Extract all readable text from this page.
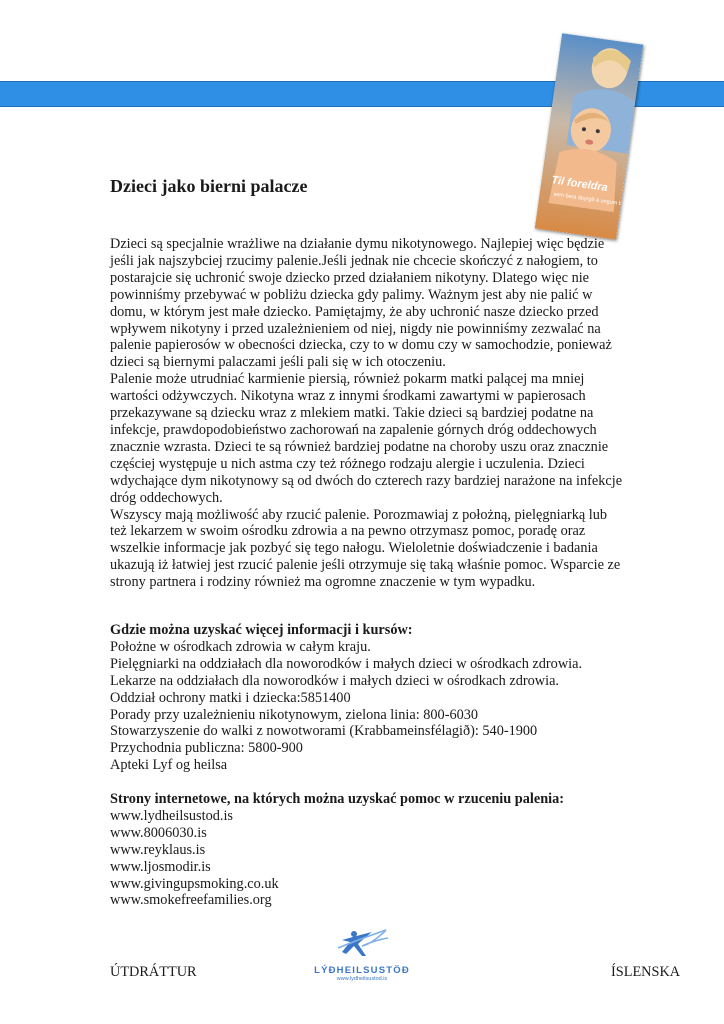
Til foreldra
sem bera ábyrgð á ungum börnum
Dzieci jako bierni palacze

Dzieci są specjalnie wrażliwe na działanie dymu nikotynowego. Najlepiej więc będzie jeśli jak najszybciej rzucimy palenie.Jeśli jednak nie chcecie skończyć z nałogiem, to postarajcie się uchronić swoje dziecko przed działaniem nikotyny. Dlatego więc nie powinniśmy przebywać w pobliżu dziecka gdy palimy. Ważnym jest aby nie palić w domu, w którym jest małe dziecko. Pamiętajmy, że aby uchronić nasze dziecko przed wpływem nikotyny i przed uzależnieniem od niej, nigdy nie powinniśmy zezwalać na palenie papierosów w obecności dziecka, czy to w domu czy w samochodzie, ponieważ dzieci są biernymi palaczami jeśli pali się w ich otoczeniu.

Palenie może utrudniać karmienie piersią, również pokarm matki palącej ma mniej wartości odżywczych. Nikotyna wraz z innymi środkami zawartymi w papierosach przekazywane są dziecku wraz z mlekiem matki. Takie dzieci są bardziej podatne na infekcje, prawdopodobieństwo zachorowań na zapalenie górnych dróg oddechowych znacznie wzrasta. Dzieci te są również bardziej podatne na choroby uszu oraz znacznie częściej występuje u nich astma czy też różnego rodzaju alergie i uczulenia. Dzieci wdychające dym nikotynowy są od dwóch do czterech razy bardziej narażone na infekcje dróg oddechowych.

Wszyscy mają możliwość aby rzucić palenie. Porozmawiaj z położną, pielęgniarką lub też lekarzem w swoim ośrodku zdrowia a na pewno otrzymasz pomoc, poradę oraz wszelkie informacje jak pozbyć się tego nałogu. Wieloletnie doświadczenie i badania ukazują iż łatwiej jest rzucić palenie jeśli otrzymuje się taką właśnie pomoc. Wsparcie ze strony partnera i rodziny również ma ogromne znaczenie w tym wypadku.

Gdzie można uzyskać więcej informacji i kursów:

Położne w ośrodkach zdrowia w całym kraju.
Pielęgniarki na oddziałach dla noworodków i małych dzieci w ośrodkach zdrowia.
Lekarze na oddziałach dla noworodków i małych dzieci w ośrodkach zdrowia.
Oddział ochrony matki i dziecka:5851400
Porady przy uzależnieniu nikotynowym, zielona linia: 800-6030
Stowarzyszenie do walki z nowotworami (Krabbameinsfélagið): 540-1900
Przychodnia publiczna: 5800-900
Apteki Lyf og heilsa

Strony internetowe, na których można uzyskać pomoc w rzuceniu palenia:

www.lydheilsustod.is
www.8006030.is
www.reyklaus.is
www.ljosmodir.is
www.givingupsmoking.co.uk
www.smokefreefamilies.org
LÝÐHEILSUSTÖÐ
www.lydheilsustod.is
ÚTDRÁTTUR	ÍSLENSKA
